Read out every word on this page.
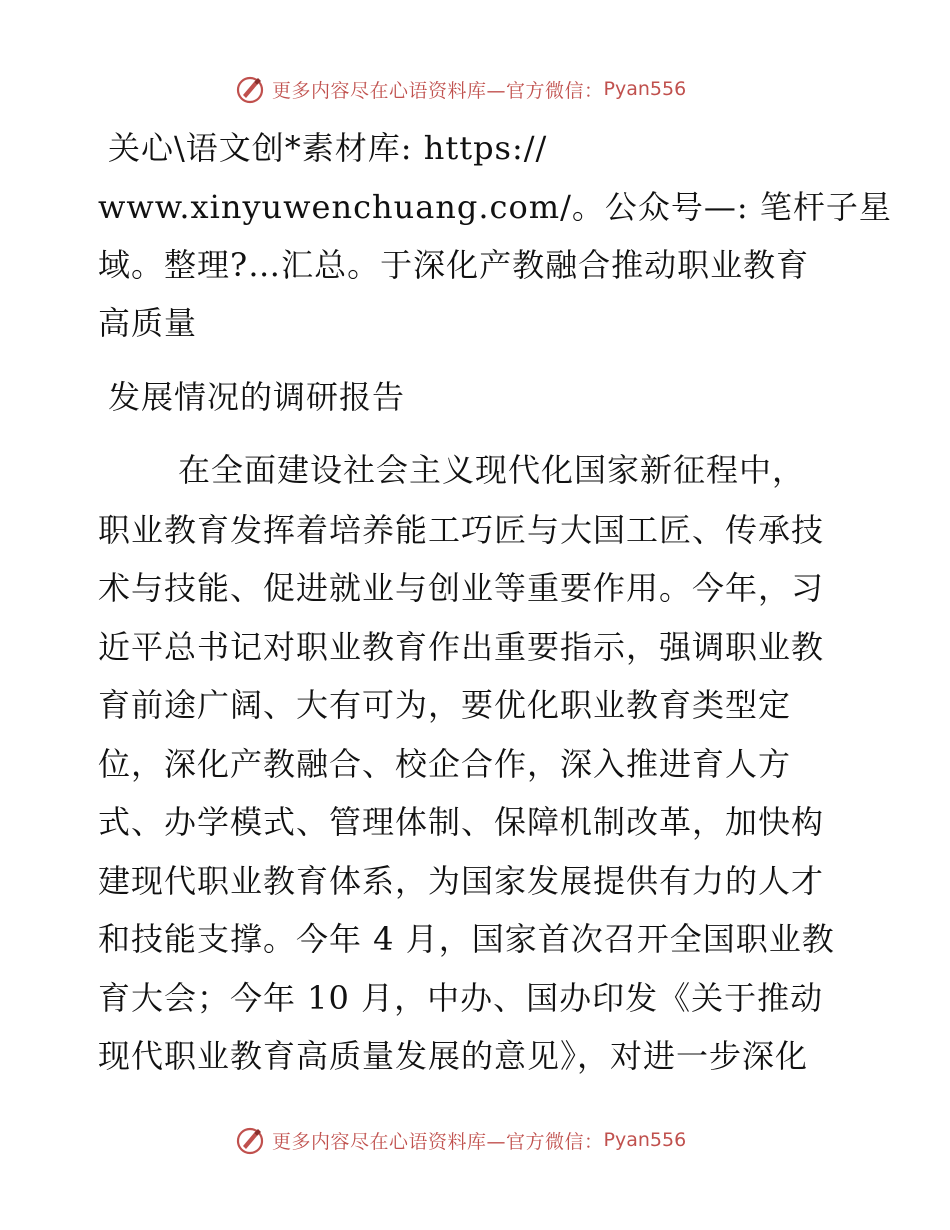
更多内容尽在心语资料库—官方微信： Pyan556
关心\语文创*素材库: https://
www.xinyuwenchuang.com/。公众号—: 笔杆子星
域。整理?…汇总。于深化产教融合推动职业教育
高质量
发展情况的调研报告
在全面建设社会主义现代化国家新征程中，
职业教育发挥着培养能工巧匠与大国工匠、传承技
术与技能、促进就业与创业等重要作用。今年，习
近平总书记对职业教育作出重要指示，强调职业教
育前途广阔、大有可为，要优化职业教育类型定
位，深化产教融合、校企合作，深入推进育人方
式、办学模式、管理体制、保障机制改革，加快构
建现代职业教育体系，为国家发展提供有力的人才
和技能支撑。今年 4 月，国家首次召开全国职业教
育大会；今年 10 月，中办、国办印发《关于推动
现代职业教育高质量发展的意见》，对进一步深化
更多内容尽在心语资料库—官方微信： Pyan556
